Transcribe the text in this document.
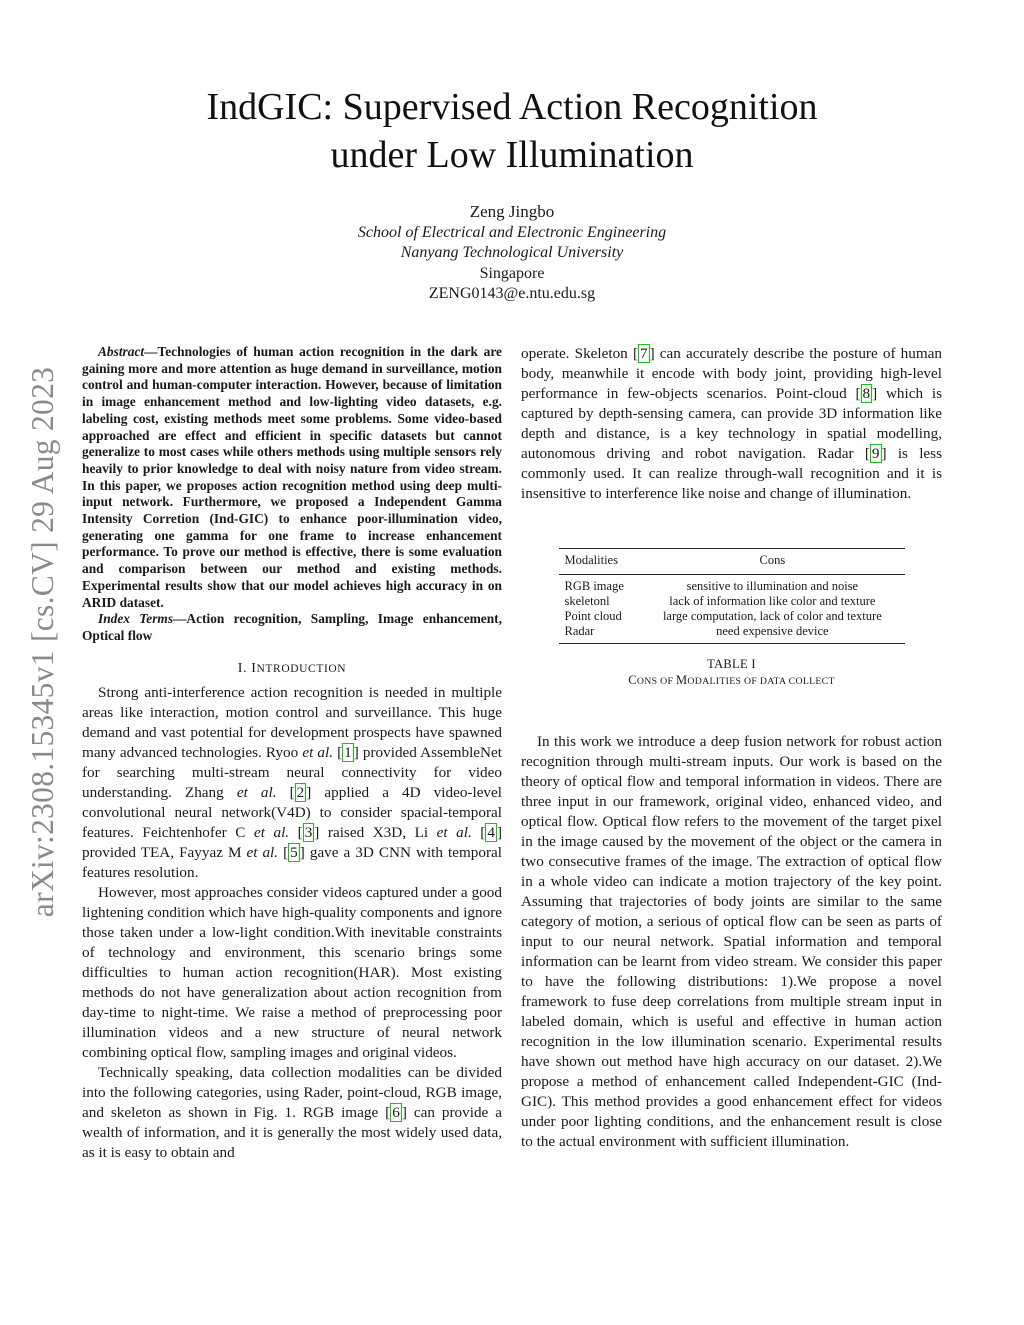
arXiv:2308.15345v1 [cs.CV] 29 Aug 2023
IndGIC: Supervised Action Recognition
under Low Illumination
Zeng Jingbo
School of Electrical and Electronic Engineering
Nanyang Technological University
Singapore
ZENG0143@e.ntu.edu.sg
Abstract—Technologies of human action recognition in the dark are gaining more and more attention as huge demand in surveillance, motion control and human-computer interaction. However, because of limitation in image enhancement method and low-lighting video datasets, e.g. labeling cost, existing methods meet some problems. Some video-based approached are effect and efficient in specific datasets but cannot generalize to most cases while others methods using multiple sensors rely heavily to prior knowledge to deal with noisy nature from video stream. In this paper, we proposes action recognition method using deep multi-input network. Furthermore, we proposed a Independent Gamma Intensity Corretion (Ind-GIC) to enhance poor-illumination video, generating one gamma for one frame to increase enhancement performance. To prove our method is effective, there is some evaluation and comparison between our method and existing methods. Experimental results show that our model achieves high accuracy in on ARID dataset.
Index Terms—Action recognition, Sampling, Image enhancement, Optical flow
I. INTRODUCTION

Strong anti-interference action recognition is needed in multiple areas like interaction, motion control and surveillance. This huge demand and vast potential for development prospects have spawned many advanced technologies. Ryoo et al. [ 1 ] provided AssembleNet for searching multi-stream neural connectivity for video understanding. Zhang et al. [ 2 ] applied a 4D video-level convolutional neural network(V4D) to consider spacial-temporal features. Feichtenhofer C et al. [ 3 ] raised X3D, Li et al. [ 4 ] provided TEA, Fayyaz M et al. [ 5 ] gave a 3D CNN with temporal features resolution.

However, most approaches consider videos captured under a good lightening condition which have high-quality components and ignore those taken under a low-light condition.With inevitable constraints of technology and environment, this scenario brings some difficulties to human action recognition(HAR). Most existing methods do not have generalization about action recognition from day-time to night-time. We raise a method of preprocessing poor illumination videos and a new structure of neural network combining optical flow, sampling images and original videos.

Technically speaking, data collection modalities can be divided into the following categories, using Rader, point-cloud, RGB image, and skeleton as shown in Fig. 1. RGB image [ 6 ] can provide a wealth of information, and it is generally the most widely used data, as it is easy to obtain and

operate. Skeleton [ 7 ] can accurately describe the posture of human body, meanwhile it encode with body joint, providing high-level performance in few-objects scenarios. Point-cloud [ 8 ] which is captured by depth-sensing camera, can provide 3D information like depth and distance, is a key technology in spatial modelling, autonomous driving and robot navigation. Radar [ 9 ] is less commonly used. It can realize through-wall recognition and it is insensitive to interference like noise and change of illumination.

Modalities	Cons
RGB image	sensitive to illumination and noise
skeletonl	lack of information like color and texture
Point cloud	large computation, lack of color and texture
Radar	need expensive device
TABLE I
CONS OF MODALITIES OF DATA COLLECT

In this work we introduce a deep fusion network for robust action recognition through multi-stream inputs. Our work is based on the theory of optical flow and temporal information in videos. There are three input in our framework, original video, enhanced video, and optical flow. Optical flow refers to the movement of the target pixel in the image caused by the movement of the object or the camera in two consecutive frames of the image. The extraction of optical flow in a whole video can indicate a motion trajectory of the key point. Assuming that trajectories of body joints are similar to the same category of motion, a serious of optical flow can be seen as parts of input to our neural network. Spatial information and temporal information can be learnt from video stream. We consider this paper to have the following distributions: 1).We propose a novel framework to fuse deep correlations from multiple stream input in labeled domain, which is useful and effective in human action recognition in the low illumination scenario. Experimental results have shown out method have high accuracy on our dataset. 2).We propose a method of enhancement called Independent-GIC (Ind-GIC). This method provides a good enhancement effect for videos under poor lighting conditions, and the enhancement result is close to the actual environment with sufficient illumination.
